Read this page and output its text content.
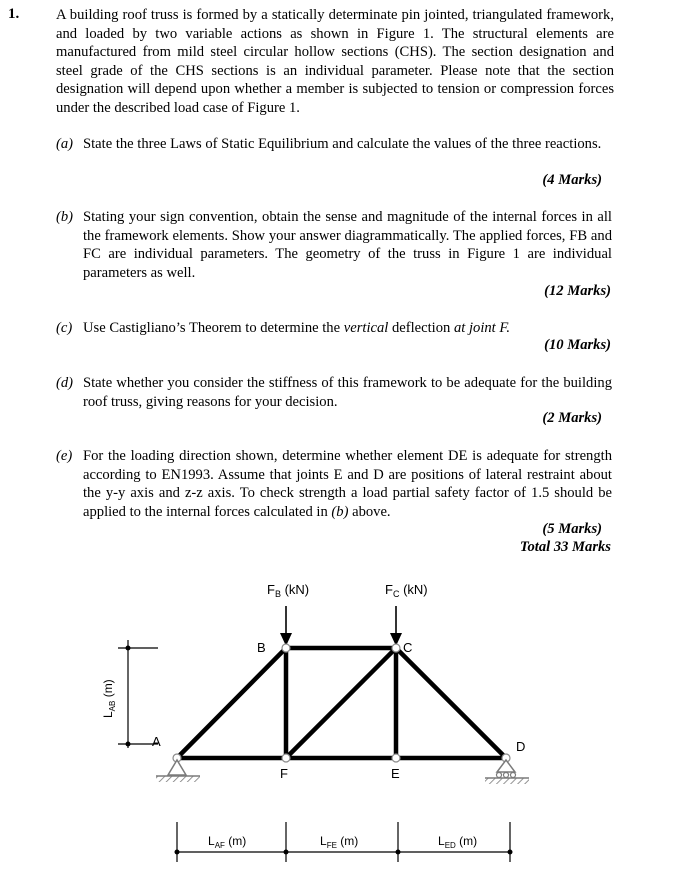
1.	A building roof truss is formed by a statically determinate pin jointed, triangulated framework, and loaded by two variable actions as shown in Figure 1. The structural elements are manufactured from mild steel circular hollow sections (CHS). The section designation and steel grade of the CHS sections is an individual parameter. Please note that the section designation will depend upon whether a member is subjected to tension or compression forces under the described load case of Figure 1.
(a) State the three Laws of Static Equilibrium and calculate the values of the three reactions.
(4 Marks)
(b) Stating your sign convention, obtain the sense and magnitude of the internal forces in all the framework elements. Show your answer diagrammatically. The applied forces, FB and FC are individual parameters. The geometry of the truss in Figure 1 are individual parameters as well.
(12 Marks)
(c) Use Castigliano’s Theorem to determine the vertical deflection at joint F.
(10 Marks)
(d) State whether you consider the stiffness of this framework to be adequate for the building roof truss, giving reasons for your decision.
(2 Marks)
(e) For the loading direction shown, determine whether element DE is adequate for strength according to EN1993. Assume that joints E and D are positions of lateral restraint about the y-y axis and z-z axis. To check strength a load partial safety factor of 1.5 should be applied to the internal forces calculated in (b) above.
(5 Marks)
Total 33 Marks
$F_B$ (kN)	$F_C$ (kN)
$L_{AB}$ (m)
A
B	C
D
F	E
$L_{AF}$ (m)	$L_{FE}$ (m)	$L_{ED}$ (m)
